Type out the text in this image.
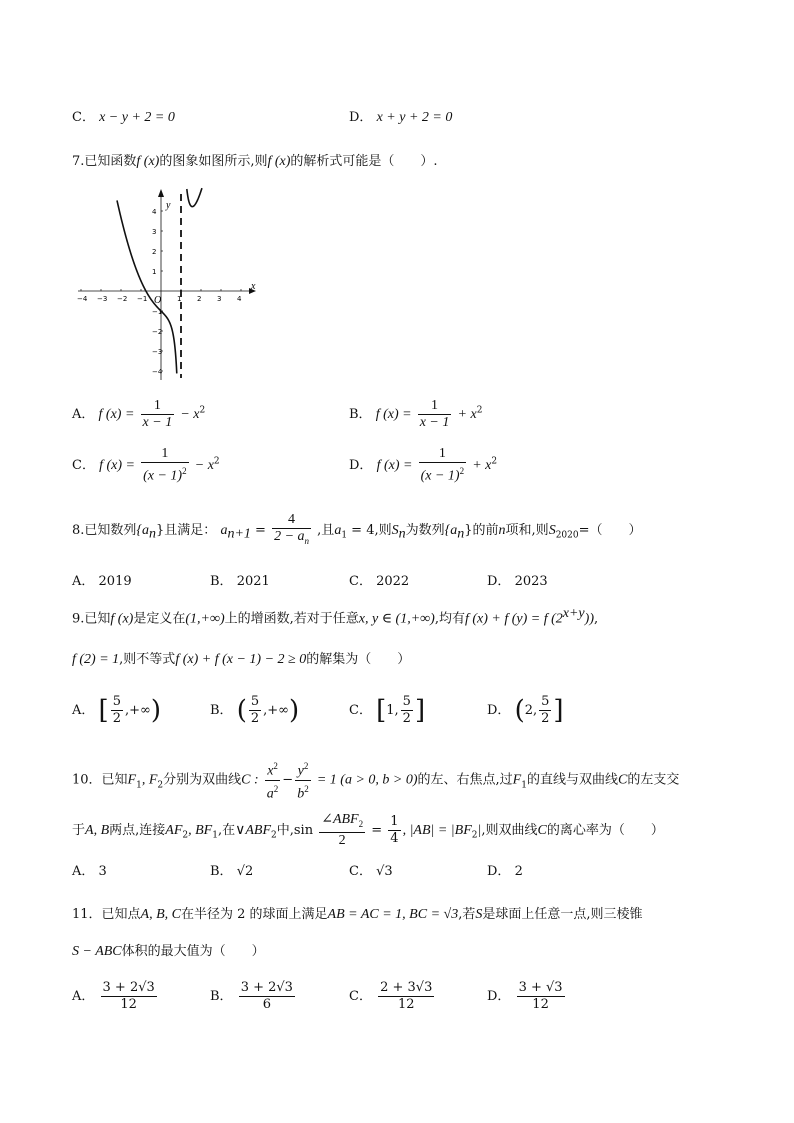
C． x − y + 2 = 0	D． x + y + 2 = 0
7.已知函数f (x)的图象如图所示,则f (x)的解析式可能是（　　）.
−4 −3 −2 −1	1 2 3 4
4
3
2
1
−1
−2
−3
−4
x
y
O
A． f $(x) = \frac{1}{x - 1} - x^2$	B． f $(x) = \frac{1}{x - 1} + x^2$
C． f $(x) = \frac{1}{(x - 1)^2} - x^2$	D． f $(x) = \frac{1}{(x - 1)^2} + x^2$
8.已知数列$\{a_n\}$且满足： $a_{n+1} = \frac{4}{2 - a_n}$ ,且$a_1 = 4$,则$S_n$为数列$\{a_n\}$的前n项和,则$S_{2020}=$（　　）
A． 2019	B． 2021	C． 2022	D． 2023
9.已知f (x)是定义在(1,+∞)上的增函数,若对于任意x, y ∈ (1,+∞),均有f (x) + f (y) = f $(2^{x+y})$),
f (2) = 1,则不等式f (x) + f (x − 1) − 2 ≥ 0的解集为（　　）
A． [ $\frac{5}{2}$ ,+∞)	B． ( $\frac{5}{2}$ ,+∞)	C． [1, $\frac{5}{2}$ ]	D． (2, $\frac{5}{2}$ ]
10．已知$F_1$, $F_2$分别为双曲线C : $\frac{x^2}{a^2} - \frac{y^2}{b^2} = 1$ (a > 0, b > 0)的左、右焦点,过$F_1$的直线与双曲线C的左支交
于A, B两点,连接$AF_2$, $BF_1$,在$\vee ABF_2$中$,\sin \frac{\angle ABF_2}{2} = \frac{1}{4}$ , $|AB| = |BF_2|$,则双曲线C的离心率为（　　）
A． 3	B． √2	C． √3	D． 2
11．已知点A, B, C在半径为 2 的球面上满足AB = AC = 1, BC = √3,若S是球面上任意一点,则三棱锥
S − ABC体积的最大值为（　　）
A． $\frac{3 + 2√3}{12}$	B． $\frac{3 + 2√3}{6}$	C． $\frac{2 + 3√3}{12}$	D． $\frac{3 + √3}{12}$
